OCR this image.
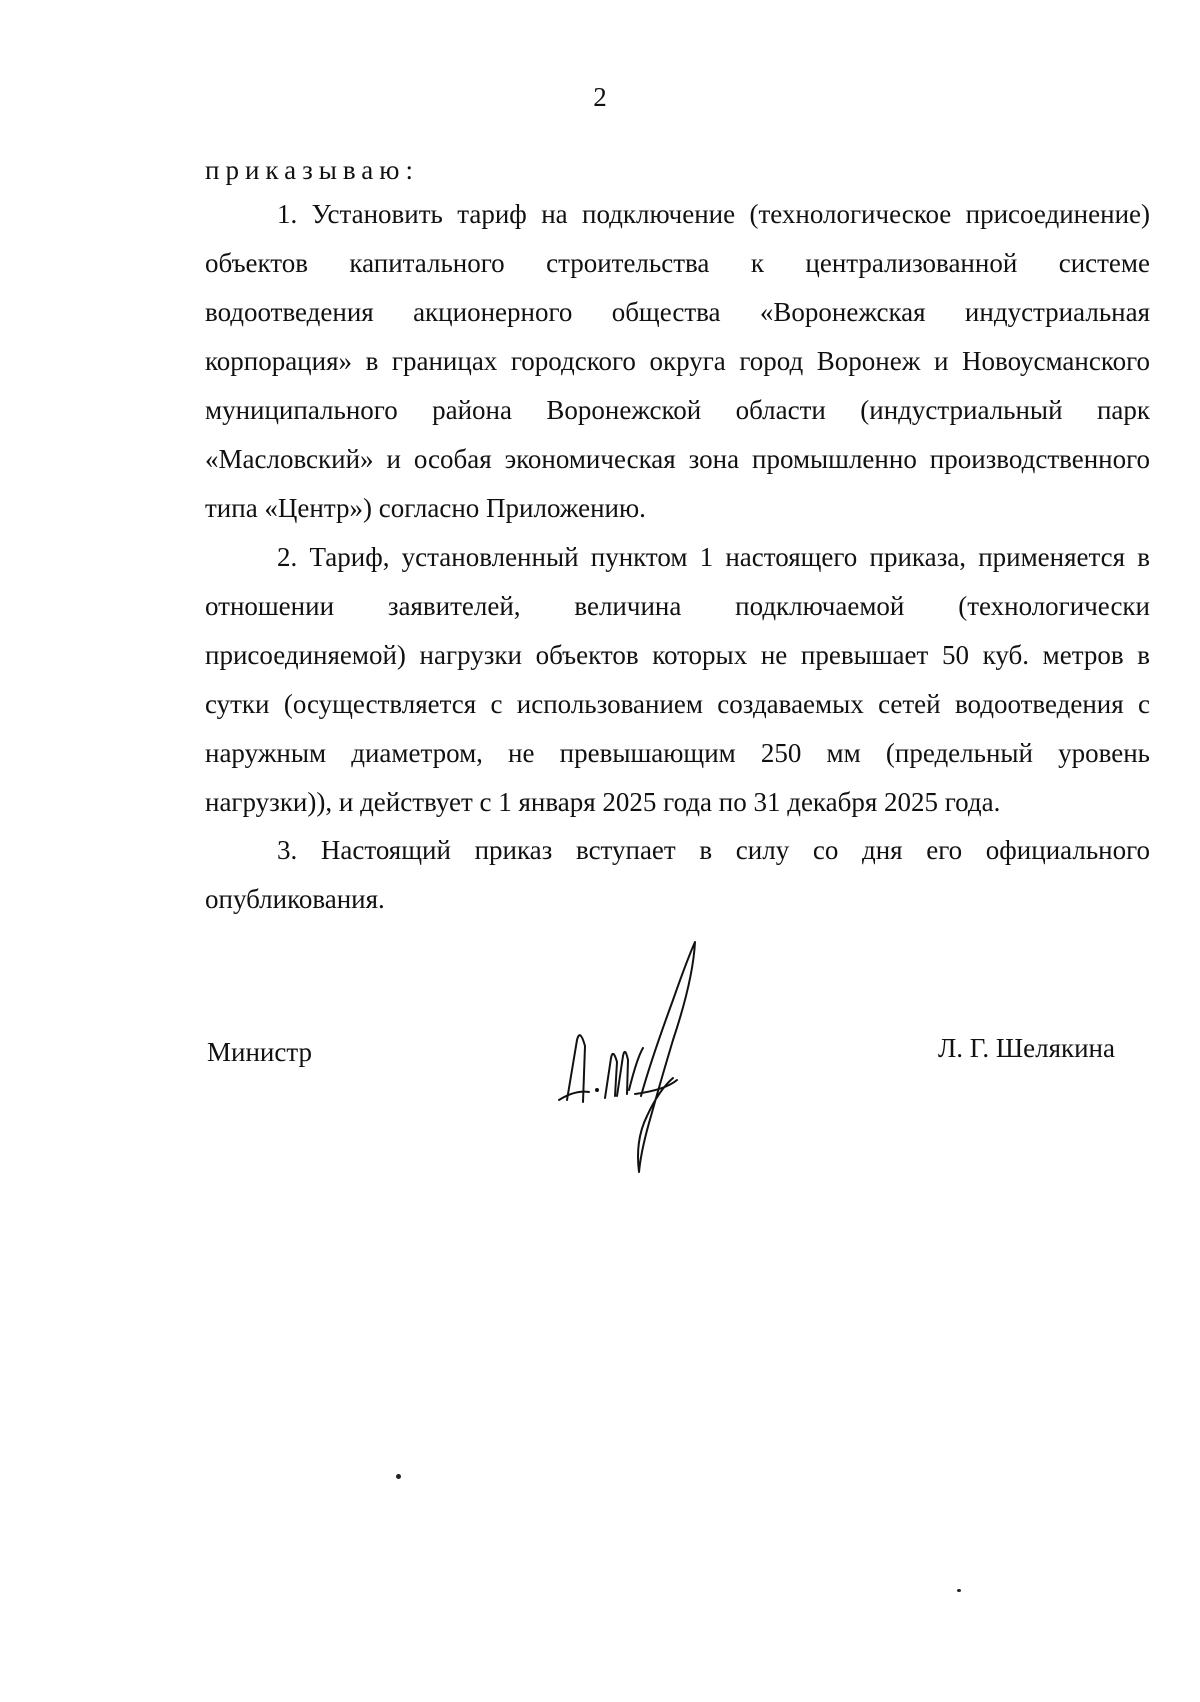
2
приказываю:

1. Установить тариф на подключение (технологическое присоединение) объектов капитального строительства к централизованной системе водоотведения акционерного общества «Воронежская индустриальная корпорация» в границах городского округа город Воронеж и Новоусманского муниципального района Воронежской области (индустриальный парк «Масловский» и особая экономическая зона промышленно производственного типа «Центр») согласно Приложению.

2. Тариф, установленный пунктом 1 настоящего приказа, применяется в отношении заявителей, величина подключаемой (технологически присоединяемой) нагрузки объектов которых не превышает 50 куб. метров в сутки (осуществляется с использованием создаваемых сетей водоотведения с наружным диаметром, не превышающим 250 мм (предельный уровень нагрузки)), и действует с 1 января 2025 года по 31 декабря 2025 года.

3. Настоящий приказ вступает в силу со дня его официального опубликования.

Министр	Л. Г. Шелякина
